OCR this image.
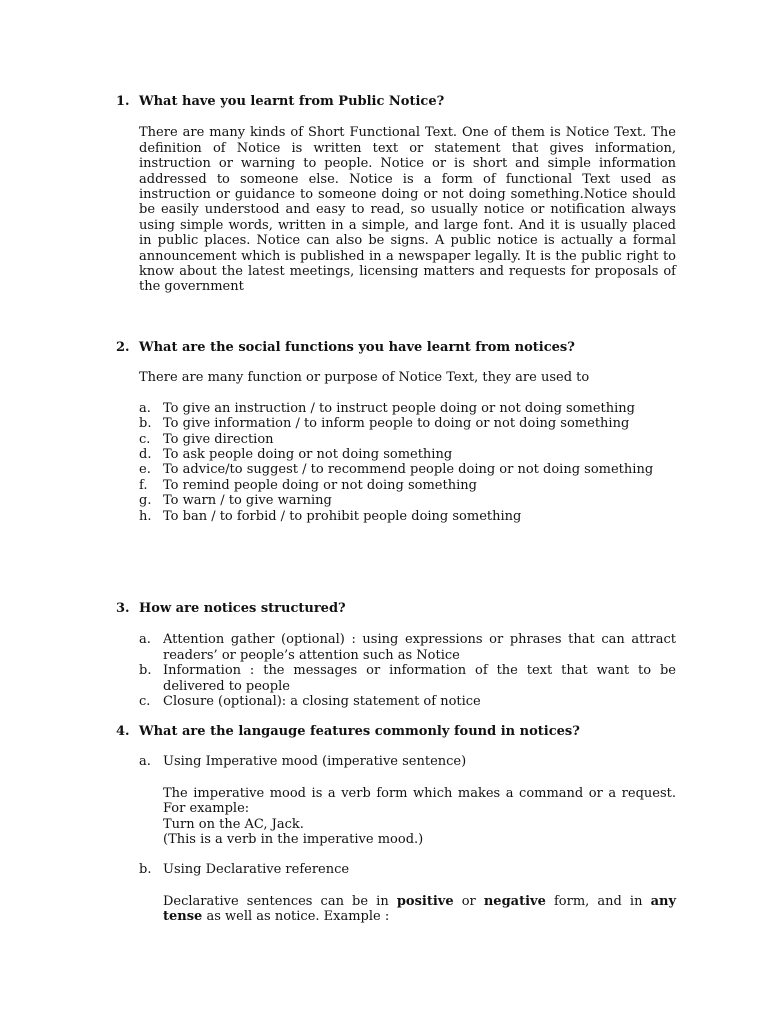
1. What have you learnt from Public Notice?
There are many kinds of Short Functional Text. One of them is Notice Text. The definition of Notice is written text or statement that gives information, instruction or warning to people. Notice or is short and simple information addressed to someone else. Notice is a form of functional Text used as instruction or guidance to someone doing or not doing something.Notice should be easily understood and easy to read, so usually notice or notification always using simple words, written in a simple, and large font. And it is usually placed in public places. Notice can also be signs. A public notice is actually a formal announcement which is published in a newspaper legally. It is the public right to know about the latest meetings, licensing matters and requests for proposals of the government
2. What are the social functions you have learnt from notices?
There are many function or purpose of Notice Text, they are used to
a. To give an instruction / to instruct people doing or not doing something
b. To give information / to inform people to doing or not doing something
c. To give direction
d. To ask people doing or not doing something
e. To advice/to suggest / to recommend people doing or not doing something
f.	To remind people doing or not doing something
g. To warn / to give warning
h. To ban / to forbid / to prohibit people doing something
3. How are notices structured?
a. Attention gather (optional) : using expressions or phrases that can attract readers’ or people’s attention such as Notice
b. Information : the messages or information of the text that want to be delivered to people
c. Closure (optional): a closing statement of notice
4. What are the langauge features commonly found in notices?
a. Using Imperative mood (imperative sentence)

The imperative mood is a verb form which makes a command or a request. For example:

Turn on the AC, Jack.

(This is a verb in the imperative mood.)

b. Using Declarative reference
Declarative sentences can be in positive or negative form, and in any tense as well as notice. Example :
